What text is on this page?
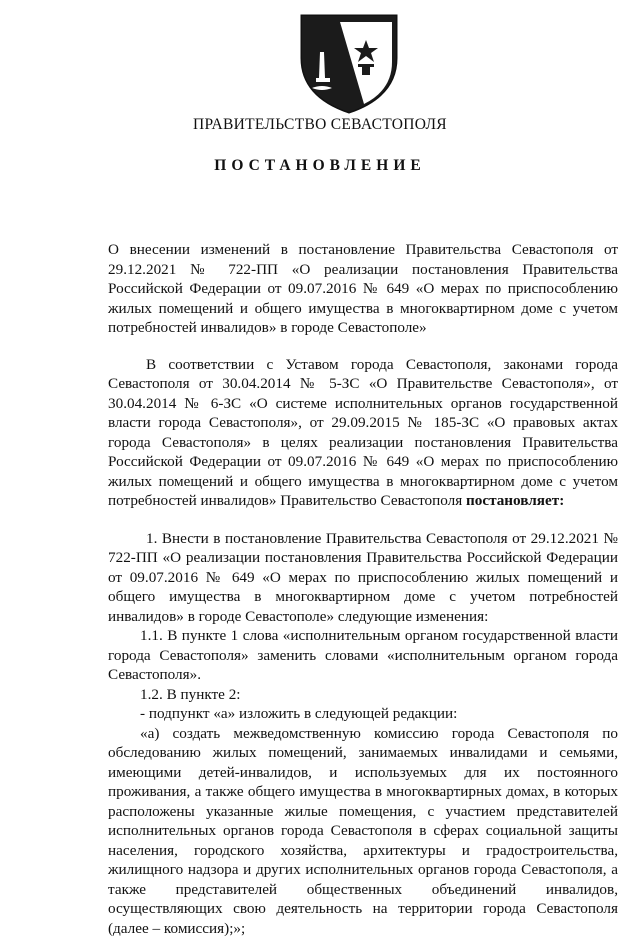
ПРАВИТЕЛЬСТВО СЕВАСТОПОЛЯ
ПОСТАНОВЛЕНИЕ

О внесении изменений в постановление Правительства Севастополя от 29.12.2021 № 722-ПП «О реализации постановления Правительства Российской Федерации от 09.07.2016 № 649 «О мерах по приспособлению жилых помещений и общего имущества в многоквартирном доме с учетом потребностей инвалидов» в городе Севастополе»

В соответствии с Уставом города Севастополя, законами города Севастополя от 30.04.2014 № 5-ЗС «О Правительстве Севастополя», от 30.04.2014 № 6-ЗС «О системе исполнительных органов государственной власти города Севастополя», от 29.09.2015 № 185-ЗС «О правовых актах города Севастополя» в целях реализации постановления Правительства Российской Федерации от 09.07.2016 № 649 «О мерах по приспособлению жилых помещений и общего имущества в многоквартирном доме с учетом потребностей инвалидов» Правительство Севастополя постановляет:

1. Внести в постановление Правительства Севастополя от 29.12.2021 № 722-ПП «О реализации постановления Правительства Российской Федерации от 09.07.2016 № 649 «О мерах по приспособлению жилых помещений и общего имущества в многоквартирном доме с учетом потребностей инвалидов» в городе Севастополе» следующие изменения:

1.1. В пункте 1 слова «исполнительным органом государственной власти города Севастополя» заменить словами «исполнительным органом города Севастополя».

1.2. В пункте 2:

- подпункт «а» изложить в следующей редакции:

«а) создать межведомственную комиссию города Севастополя по обследованию жилых помещений, занимаемых инвалидами и семьями, имеющими детей-инвалидов, и используемых для их постоянного проживания, а также общего имущества в многоквартирных домах, в которых расположены указанные жилые помещения, с участием представителей исполнительных органов города Севастополя в сферах социальной защиты населения, городского хозяйства, архитектуры и градостроительства, жилищного надзора и других исполнительных органов города Севастополя, а также представителей общественных объединений инвалидов, осуществляющих свою деятельность на территории города Севастополя (далее – комиссия);»;
